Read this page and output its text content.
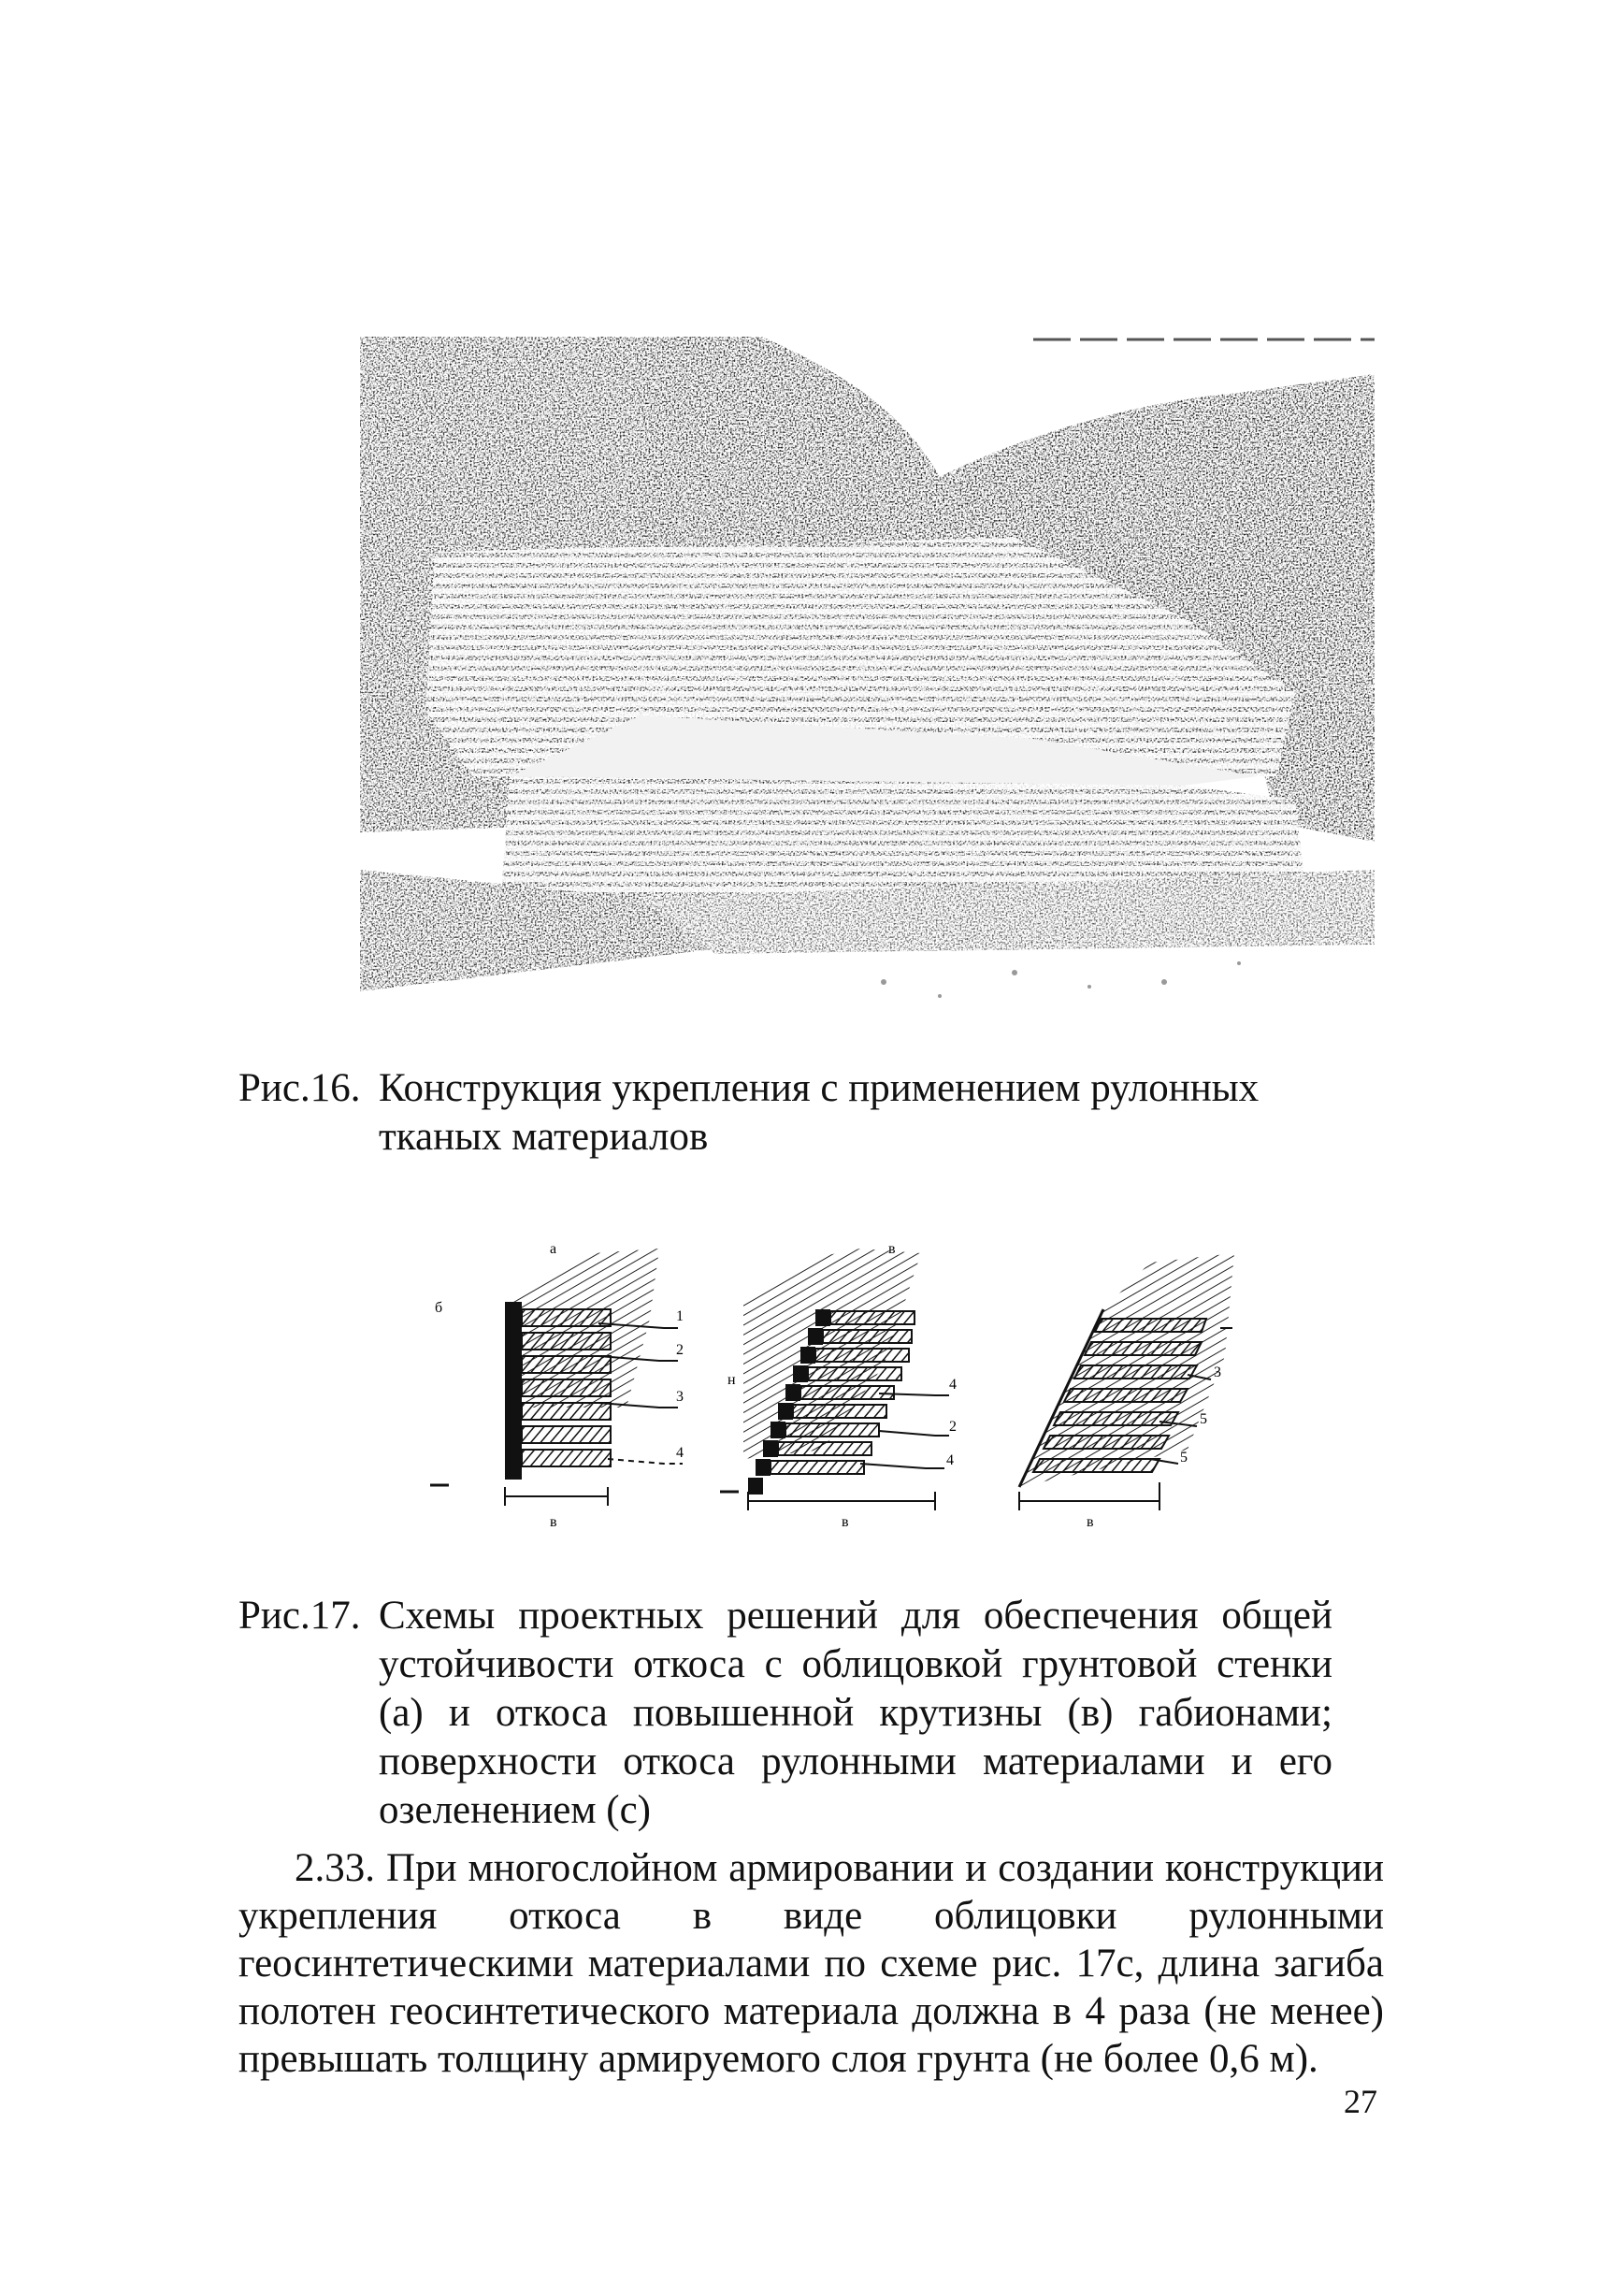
Рис.16. Конструкция укрепления с применением рулонных тканых материалов

1
2
3
4
а
б
в
4
2
4
в
н
в
3
5
5
в

Рис.17. Схемы проектных решений для обеспечения общей устойчивости откоса с облицовкой грунтовой стенки (а) и откоса повышенной крутизны (в) габионами; поверхности откоса рулонными материалами и его озеленением (с)

2.33. При многослойном армировании и создании конструкции укрепления откоса в виде облицовки рулонными геосинтетическими материалами по схеме рис. 17с, длина загиба полотен геосинтетического материала должна в 4 раза (не менее) превышать толщину армируемого слоя грунта (не более 0,6 м).

27
